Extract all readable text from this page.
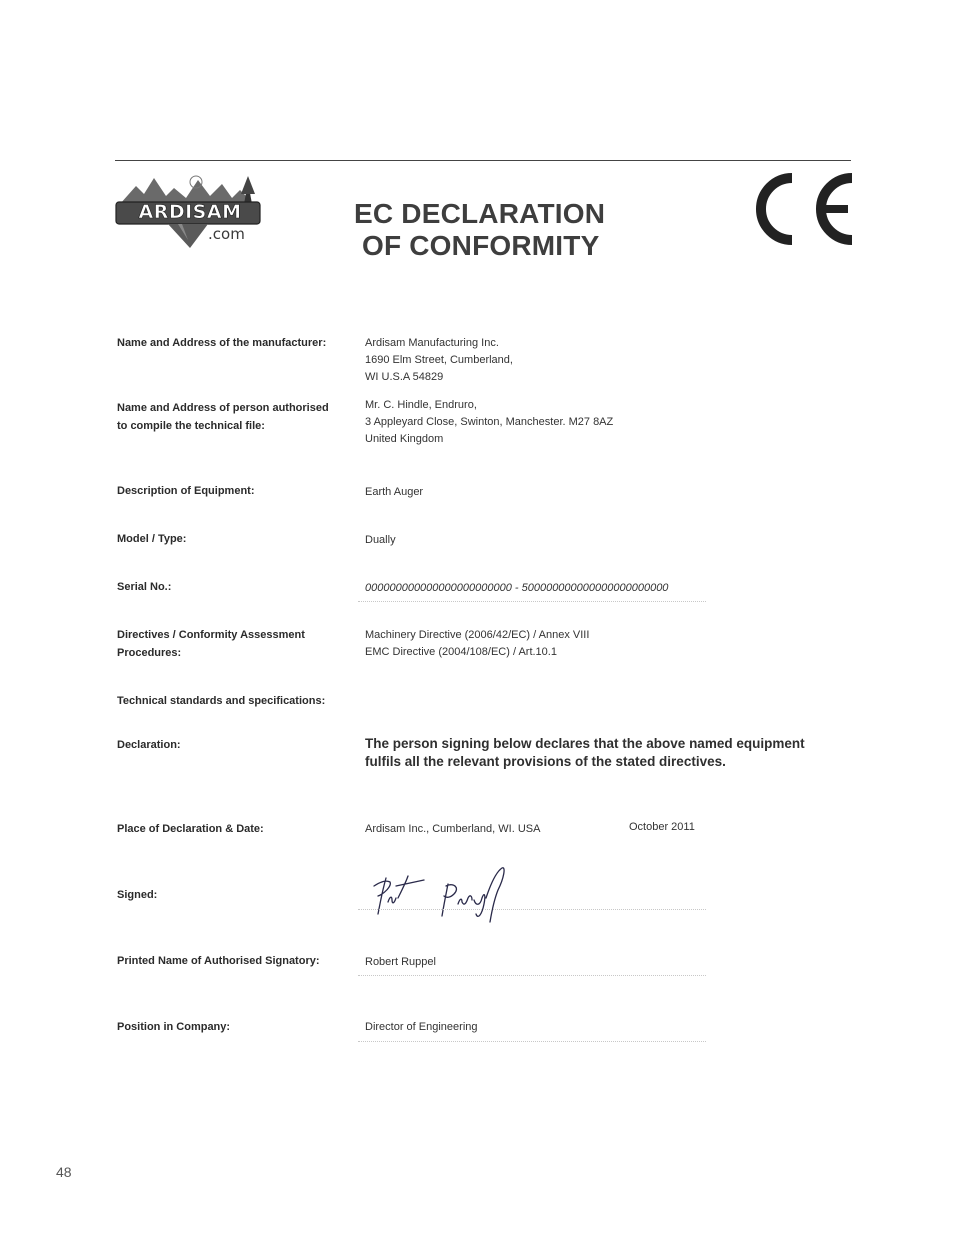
ARDISAM
.com
EC DECLARATION
OF CONFORMITY
Name and Address of the manufacturer:	Ardisam Manufacturing Inc.
1690 Elm Street, Cumberland,
WI U.S.A 54829
Name and Address of person authorised
to compile the technical file:
Mr. C. Hindle, Endruro,
3 Appleyard Close, Swinton, Manchester. M27 8AZ
United Kingdom
Description of Equipment:	Earth Auger
Model / Type:	Dually
Serial No.:	000000000000000000000000 - 500000000000000000000000
Directives / Conformity Assessment
Procedures:
Machinery Directive (2006/42/EC) / Annex VIII
EMC Directive (2004/108/EC) / Art.10.1
Technical standards and specifications:
Declaration:	The person signing below declares that the above named equipment
fulfils all the relevant provisions of the stated directives.
Place of Declaration & Date:	Ardisam Inc., Cumberland, WI. USA	October 2011
Signed:
Printed Name of Authorised Signatory:	Robert Ruppel
Position in Company:	Director of Engineering
48
